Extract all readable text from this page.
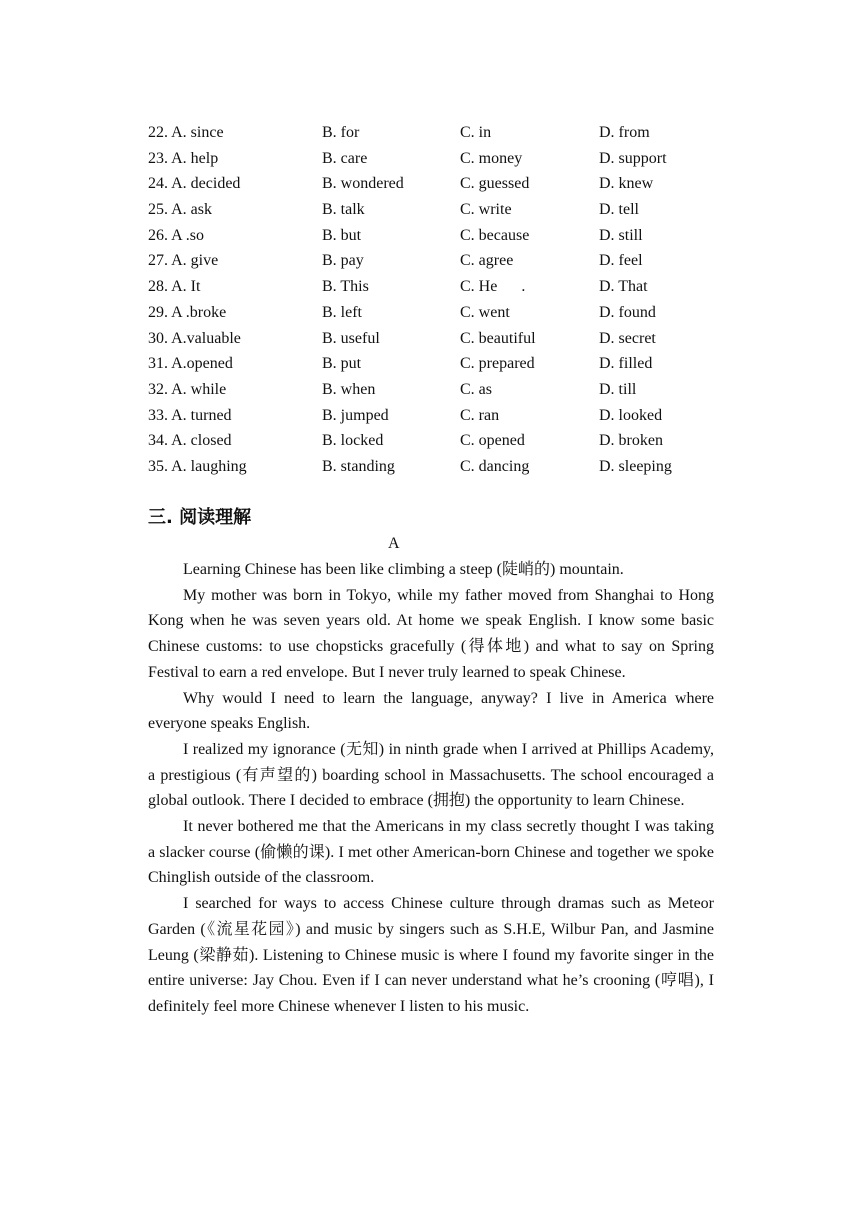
22. A. since	B. for	C. in	D. from
23. A. help	B. care	C. money	D. support
24. A. decided	B. wondered	C. guessed	D. knew
25. A. ask	B. talk	C. write	D. tell
26. A .so	B. but	C. because	D. still
27. A. give	B. pay	C. agree	D. feel
28. A. It	B. This	C. He      .	D. That
29. A .broke	B. left	C. went	D. found
30. A.valuable	B. useful	C. beautiful	D. secret
31. A.opened	B. put	C. prepared	D. filled
32. A. while	B. when	C. as	D. till
33. A. turned	B. jumped	C. ran	D. looked
34. A. closed	B. locked	C. opened	D. broken
35. A. laughing	B. standing	C. dancing	D. sleeping
三. 阅读理解
A

Learning Chinese has been like climbing a steep (陡峭的) mountain.

My mother was born in Tokyo, while my father moved from Shanghai to Hong Kong when he was seven years old. At home we speak English. I know some basic Chinese customs: to use chopsticks gracefully (得体地) and what to say on Spring Festival to earn a red envelope. But I never truly learned to speak Chinese.

Why would I need to learn the language, anyway? I live in America where everyone speaks English.

I realized my ignorance (无知) in ninth grade when I arrived at Phillips Academy, a prestigious (有声望的) boarding school in Massachusetts. The school encouraged a global outlook. There I decided to embrace (拥抱) the opportunity to learn Chinese.

It never bothered me that the Americans in my class secretly thought I was taking a slacker course (偷懒的课). I met other American-born Chinese and together we spoke Chinglish outside of the classroom.

I searched for ways to access Chinese culture through dramas such as Meteor Garden (《流星花园》) and music by singers such as S.H.E, Wilbur Pan, and Jasmine Leung (梁静茹). Listening to Chinese music is where I found my favorite singer in the entire universe: Jay Chou. Even if I can never understand what he’s crooning (哼唱), I definitely feel more Chinese whenever I listen to his music.
